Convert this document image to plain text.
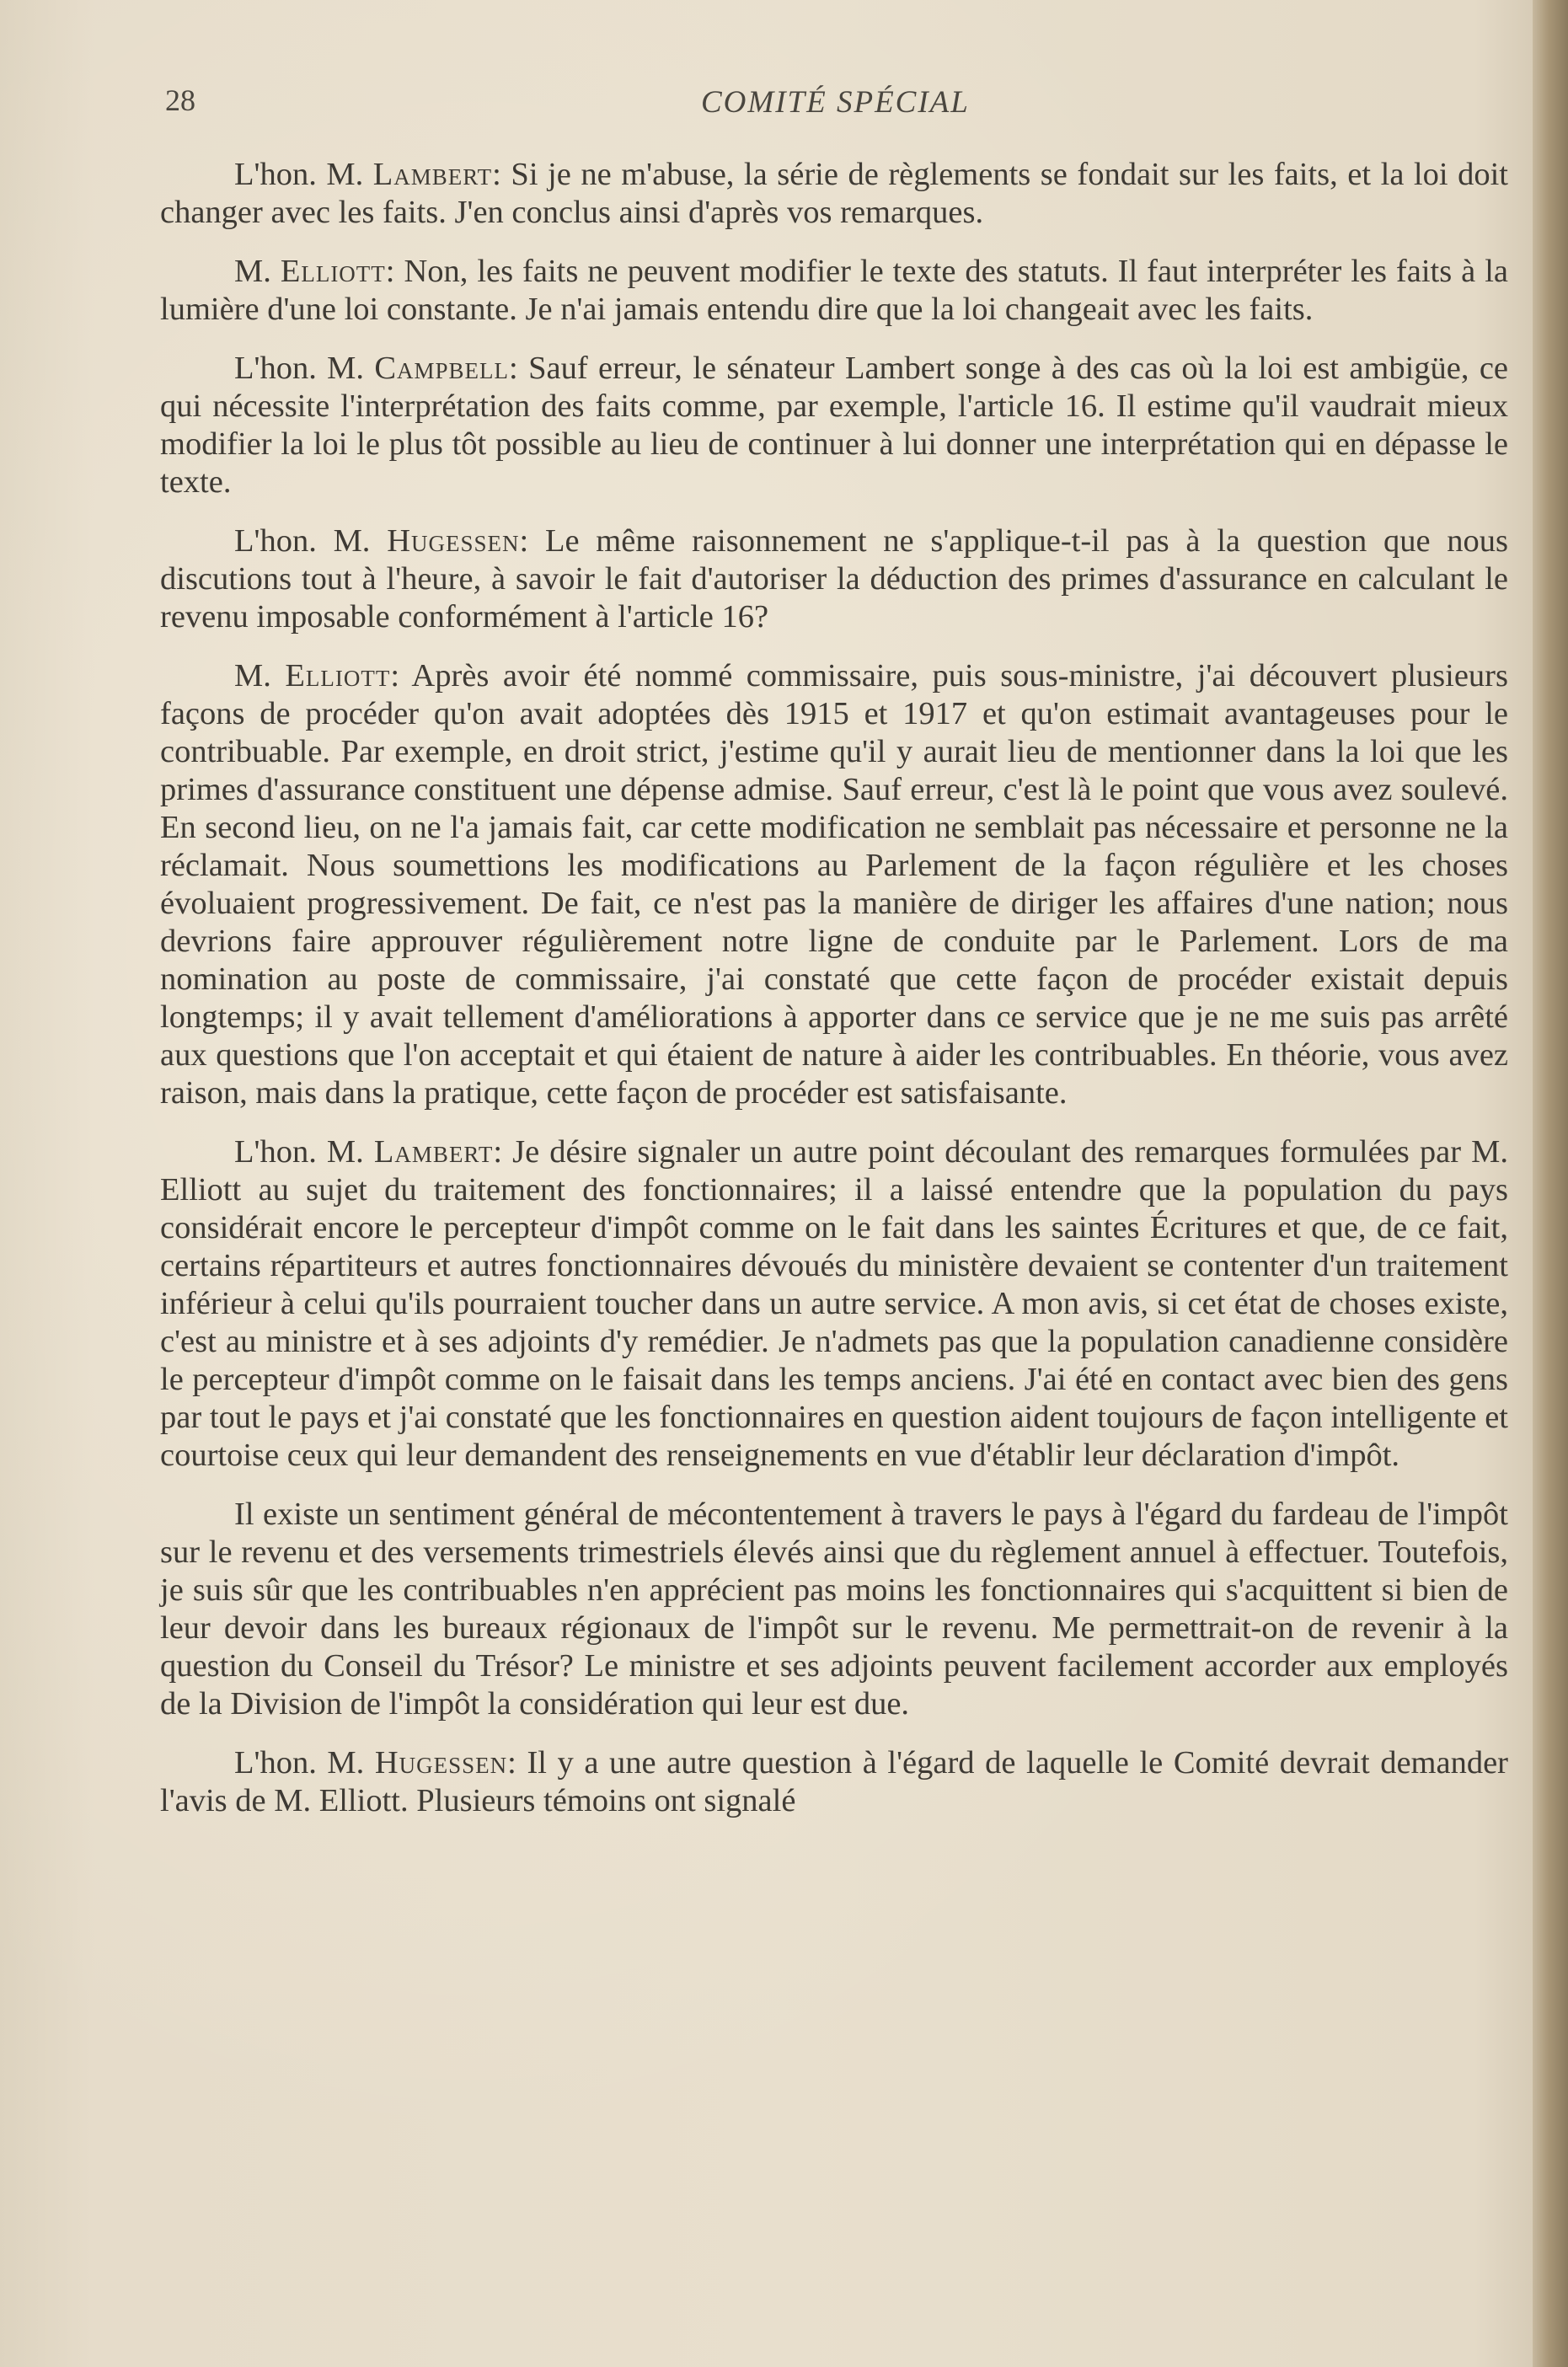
28	COMITÉ SPÉCIAL

L'hon. M. Lambert: Si je ne m'abuse, la série de règlements se fondait sur les faits, et la loi doit changer avec les faits. J'en conclus ainsi d'après vos remarques.

M. Elliott: Non, les faits ne peuvent modifier le texte des statuts. Il faut interpréter les faits à la lumière d'une loi constante. Je n'ai jamais entendu dire que la loi changeait avec les faits.

L'hon. M. Campbell: Sauf erreur, le sénateur Lambert songe à des cas où la loi est ambigüe, ce qui nécessite l'interprétation des faits comme, par exemple, l'article 16. Il estime qu'il vaudrait mieux modifier la loi le plus tôt possible au lieu de continuer à lui donner une interprétation qui en dépasse le texte.

L'hon. M. Hugessen: Le même raisonnement ne s'applique-t-il pas à la question que nous discutions tout à l'heure, à savoir le fait d'autoriser la déduction des primes d'assurance en calculant le revenu imposable conformément à l'article 16?

M. Elliott: Après avoir été nommé commissaire, puis sous-ministre, j'ai découvert plusieurs façons de procéder qu'on avait adoptées dès 1915 et 1917 et qu'on estimait avantageuses pour le contribuable. Par exemple, en droit strict, j'estime qu'il y aurait lieu de mentionner dans la loi que les primes d'assurance constituent une dépense admise. Sauf erreur, c'est là le point que vous avez soulevé. En second lieu, on ne l'a jamais fait, car cette modification ne semblait pas nécessaire et personne ne la réclamait. Nous soumettions les modifications au Parlement de la façon régulière et les choses évoluaient progressivement. De fait, ce n'est pas la manière de diriger les affaires d'une nation; nous devrions faire approuver régulièrement notre ligne de conduite par le Parlement. Lors de ma nomination au poste de commissaire, j'ai constaté que cette façon de procéder existait depuis longtemps; il y avait tellement d'améliorations à apporter dans ce service que je ne me suis pas arrêté aux questions que l'on acceptait et qui étaient de nature à aider les contribuables. En théorie, vous avez raison, mais dans la pratique, cette façon de procéder est satisfaisante.

L'hon. M. Lambert: Je désire signaler un autre point découlant des remarques formulées par M. Elliott au sujet du traitement des fonctionnaires; il a laissé entendre que la population du pays considérait encore le percepteur d'impôt comme on le fait dans les saintes Écritures et que, de ce fait, certains répartiteurs et autres fonctionnaires dévoués du ministère devaient se contenter d'un traitement inférieur à celui qu'ils pourraient toucher dans un autre service. A mon avis, si cet état de choses existe, c'est au ministre et à ses adjoints d'y remédier. Je n'admets pas que la population canadienne considère le percepteur d'impôt comme on le faisait dans les temps anciens. J'ai été en contact avec bien des gens par tout le pays et j'ai constaté que les fonctionnaires en question aident toujours de façon intelligente et courtoise ceux qui leur demandent des renseignements en vue d'établir leur déclaration d'impôt.

Il existe un sentiment général de mécontentement à travers le pays à l'égard du fardeau de l'impôt sur le revenu et des versements trimestriels élevés ainsi que du règlement annuel à effectuer. Toutefois, je suis sûr que les contribuables n'en apprécient pas moins les fonctionnaires qui s'acquittent si bien de leur devoir dans les bureaux régionaux de l'impôt sur le revenu. Me permettrait-on de revenir à la question du Conseil du Trésor? Le ministre et ses adjoints peuvent facilement accorder aux employés de la Division de l'impôt la considération qui leur est due.

L'hon. M. Hugessen: Il y a une autre question à l'égard de laquelle le Comité devrait demander l'avis de M. Elliott. Plusieurs témoins ont signalé
